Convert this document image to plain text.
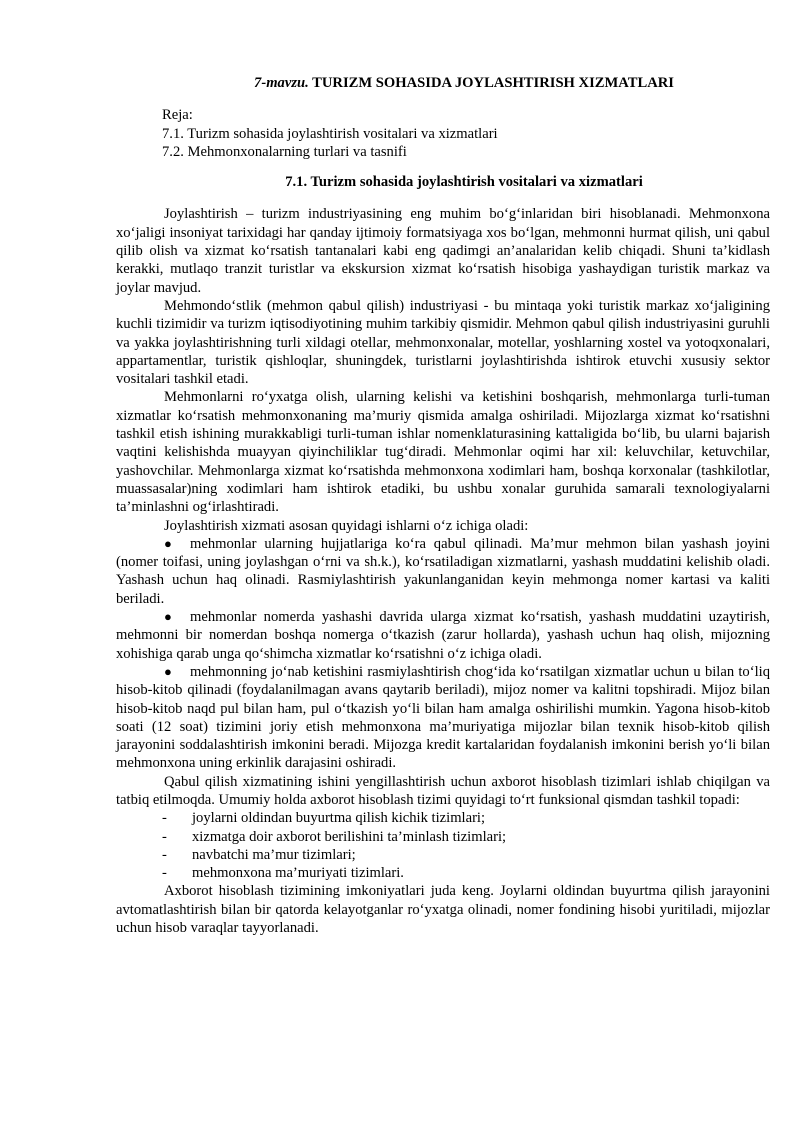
7-mavzu. TURIZM SOHASIDA JOYLASHTIRISH XIZMATLARI
Reja:
7.1. Turizm sohasida joylashtirish vositalari va xizmatlari
7.2. Mehmonxonalarning turlari va tasnifi
7.1. Turizm sohasida joylashtirish vositalari va xizmatlari

Joylashtirish – turizm industriyasining eng muhim bo‘g‘inlaridan biri hisoblanadi. Mehmonxona xo‘jaligi insoniyat tarixidagi har qanday ijtimoiy formatsiyaga xos bo‘lgan, mehmonni hurmat qilish, uni qabul qilib olish va xizmat ko‘rsatish tantanalari kabi eng qadimgi an’analaridan kelib chiqadi. Shuni ta’kidlash kerakki, mutlaqo tranzit turistlar va ekskursion xizmat ko‘rsatish hisobiga yashaydigan turistik markaz va joylar mavjud.

Mehmondo‘stlik (mehmon qabul qilish) industriyasi - bu mintaqa yoki turistik markaz xo‘jaligining kuchli tizimidir va turizm iqtisodiyotining muhim tarkibiy qismidir. Mehmon qabul qilish industriyasini guruhli va yakka joylashtirishning turli xildagi otellar, mehmonxonalar, motellar, yoshlarning xostel va yotoqxonalari, appartamentlar, turistik qishloqlar, shuningdek, turistlarni joylashtirishda ishtirok etuvchi xususiy sektor vositalari tashkil etadi.

Mehmonlarni ro‘yxatga olish, ularning kelishi va ketishini boshqarish, mehmonlarga turli-tuman xizmatlar ko‘rsatish mehmonxonaning ma’muriy qismida amalga oshiriladi. Mijozlarga xizmat ko‘rsatishni tashkil etish ishining murakkabligi turli-tuman ishlar nomenklaturasining kattaligida bo‘lib, bu ularni bajarish vaqtini kelishishda muayyan qiyinchiliklar tug‘diradi. Mehmonlar oqimi har xil: keluvchilar, ketuvchilar, yashovchilar. Mehmonlarga xizmat ko‘rsatishda mehmonxona xodimlari ham, boshqa korxonalar (tashkilotlar, muassasalar)ning xodimlari ham ishtirok etadiki, bu ushbu xonalar guruhida samarali texnologiyalarni ta’minlashni og‘irlashtiradi.

Joylashtirish xizmati asosan quyidagi ishlarni o‘z ichiga oladi:

● mehmonlar ularning hujjatlariga ko‘ra qabul qilinadi. Ma’mur mehmon bilan yashash joyini (nomer toifasi, uning joylashgan o‘rni va sh.k.), ko‘rsatiladigan xizmatlarni, yashash muddatini kelishib oladi. Yashash uchun haq olinadi. Rasmiylashtirish yakunlanganidan keyin mehmonga nomer kartasi va kaliti beriladi.

● mehmonlar nomerda yashashi davrida ularga xizmat ko‘rsatish, yashash muddatini uzaytirish, mehmonni bir nomerdan boshqa nomerga o‘tkazish (zarur hollarda), yashash uchun haq olish, mijozning xohishiga qarab unga qo‘shimcha xizmatlar ko‘rsatishni o‘z ichiga oladi.

● mehmonning jo‘nab ketishini rasmiylashtirish chog‘ida ko‘rsatilgan xizmatlar uchun u bilan to‘liq hisob-kitob qilinadi (foydalanilmagan avans qaytarib beriladi), mijoz nomer va kalitni topshiradi. Mijoz bilan hisob-kitob naqd pul bilan ham, pul o‘tkazish yo‘li bilan ham amalga oshirilishi mumkin. Yagona hisob-kitob soati (12 soat) tizimini joriy etish mehmonxona ma’muriyatiga mijozlar bilan texnik hisob-kitob qilish jarayonini soddalashtirish imkonini beradi. Mijozga kredit kartalaridan foydalanish imkonini berish yo‘li bilan mehmonxona uning erkinlik darajasini oshiradi.

Qabul qilish xizmatining ishini yengillashtirish uchun axborot hisoblash tizimlari ishlab chiqilgan va tatbiq etilmoqda. Umumiy holda axborot hisoblash tizimi quyidagi to‘rt funksional qismdan tashkil topadi:

- joylarni oldindan buyurtma qilish kichik tizimlari;
- xizmatga doir axborot berilishini ta’minlash tizimlari;
- navbatchi ma’mur tizimlari;
- mehmonxona ma’muriyati tizimlari.

Axborot hisoblash tizimining imkoniyatlari juda keng. Joylarni oldindan buyurtma qilish jarayonini avtomatlashtirish bilan bir qatorda kelayotganlar ro‘yxatga olinadi, nomer fondining hisobi yuritiladi, mijozlar uchun hisob varaqlar tayyorlanadi.
